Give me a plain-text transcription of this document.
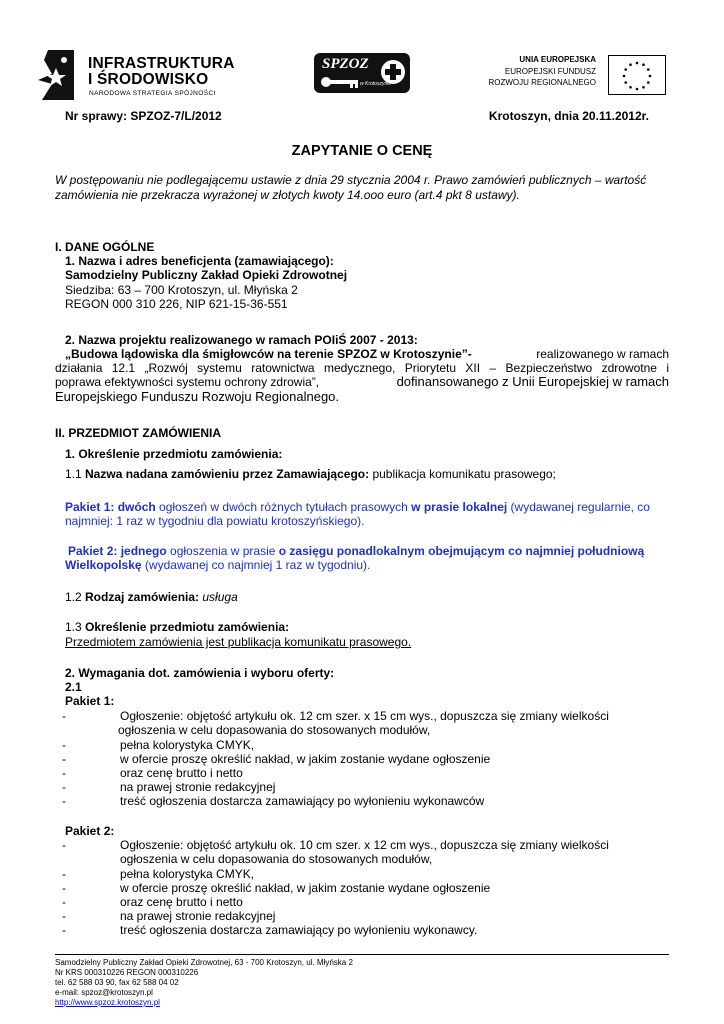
INFRASTRUKTURA
I ŚRODOWISKO
NARODOWA STRATEGIA SPÓJNOŚCI
SPZOZ
w Krotoszynie
UNIA EUROPEJSKA
EUROPEJSKI FUNDUSZ
ROZWOJU REGIONALNEGO
Nr sprawy: SPZOZ-7/L/2012	Krotoszyn, dnia 20.11.2012r.
ZAPYTANIE O CENĘ
W postępowaniu nie podlegającemu ustawie z dnia 29 stycznia 2004 r. Prawo zamówień publicznych – wartość
zamówienia nie przekracza wyrażonej w złotych kwoty 14.ooo euro (art.4 pkt 8 ustawy).
I. DANE OGÓLNE
1. Nazwa i adres beneficjenta (zamawiającego):
Samodzielny Publiczny Zakład Opieki Zdrowotnej
Siedziba: 63 – 700 Krotoszyn, ul. Młyńska 2
REGON 000 310 226, NIP 621-15-36-551
2. Nazwa projektu realizowanego w ramach POIiŚ 2007 - 2013:
„Budowa lądowiska dla śmigłowców na terenie SPZOZ w Krotoszynie”-	realizowanego w ramach
działania 12.1 „Rozwój systemu ratownictwa medycznego, Priorytetu XII – Bezpieczeństwo zdrowotne i
poprawa efektywności systemu ochrony zdrowia”,	dofinansowanego z Unii Europejskiej w ramach
Europejskiego Funduszu Rozwoju Regionalnego.
II. PRZEDMIOT ZAMÓWIENIA
1. Określenie przedmiotu zamówienia:
1.1 Nazwa nadana zamówieniu przez Zamawiającego: publikacja komunikatu prasowego;
Pakiet 1: dwóch ogłoszeń w dwóch różnych tytułach prasowych w prasie lokalnej (wydawanej regularnie, co
najmniej: 1 raz w tygodniu dla powiatu krotoszyńskiego).
Pakiet 2: jednego ogłoszenia w prasie o zasięgu ponadlokalnym obejmującym co najmniej południową
Wielkopolskę (wydawanej co najmniej 1 raz w tygodniu).
1.2 Rodzaj zamówienia: usługa
1.3 Określenie przedmiotu zamówienia:
Przedmiotem zamówienia jest publikacja komunikatu prasowego.
2. Wymagania dot. zamówienia i wyboru oferty:
2.1
Pakiet 1:
-	Ogłoszenie: objętość artykułu ok. 12 cm szer. x 15 cm wys., dopuszcza się zmiany wielkości
ogłoszenia w celu dopasowania do stosowanych modułów,
-	pełna kolorystyka CMYK,
-	w ofercie proszę określić nakład, w jakim zostanie wydane ogłoszenie
-	oraz cenę brutto i netto
-	na prawej stronie redakcyjnej
-	treść ogłoszenia dostarcza zamawiający po wyłonieniu wykonawców
Pakiet 2:
-	Ogłoszenie: objętość artykułu ok. 10 cm szer. x 12 cm wys., dopuszcza się zmiany wielkości
ogłoszenia w celu dopasowania do stosowanych modułów,
-	pełna kolorystyka CMYK,
-	w ofercie proszę określić nakład, w jakim zostanie wydane ogłoszenie
-	oraz cenę brutto i netto
-	na prawej stronie redakcyjnej
-	treść ogłoszenia dostarcza zamawiający po wyłonieniu wykonawcy.
Samodzielny Publiczny Zakład Opieki Zdrowotnej, 63 - 700 Krotoszyn, ul. Młyńska 2
Nr KRS 000310226 REGON 000310226
tel. 62 588 03 90, fax 62 588 04 02
e-mail: spzoz@krotoszyn.pl
http://www.spzoz.krotoszyn.pl
